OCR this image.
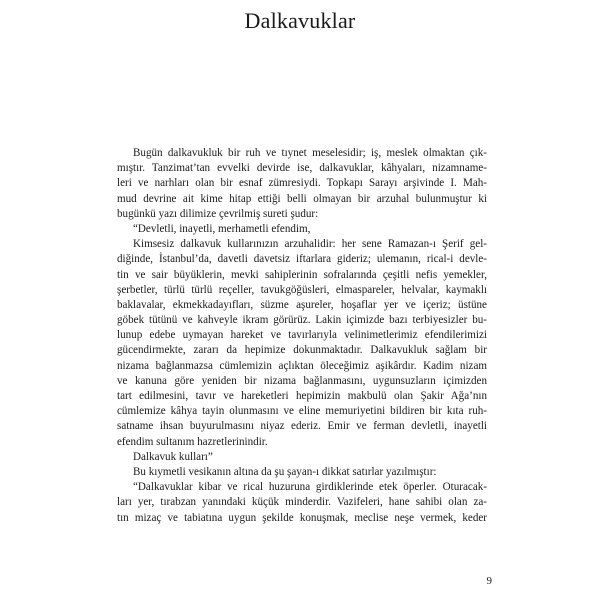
Dalkavuklar
Bugün dalkavukluk bir ruh ve tıynet meselesidir; iş, meslek olmaktan çık-
mıştır. Tanzimat’tan evvelki devirde ise, dalkavuklar, kâhyaları, nizamname-
leri ve narhları olan bir esnaf zümresiydi. Topkapı Sarayı arşivinde I. Mah-
mud devrine ait kime hitap ettiği belli olmayan bir arzuhal bulunmuştur ki
bugünkü yazı dilimize çevrilmiş sureti şudur:
“Devletli, inayetli, merhametli efendim,
Kimsesiz dalkavuk kullarınızın arzuhalidir: her sene Ramazan-ı Şerif gel-
diğinde, İstanbul’da, davetli davetsiz iftarlara gideriz; ulemanın, rical-i devle-
tin ve sair büyüklerin, mevki sahiplerinin sofralarında çeşitli nefis yemekler,
şerbetler, türlü türlü reçeller, tavukgöğüsleri, elmaspareler, helvalar, kaymaklı
baklavalar, ekmekkadayıfları, süzme aşureler, hoşaflar yer ve içeriz; üstüne
göbek tütünü ve kahveyle ikram görürüz. Lakin içimizde bazı terbiyesizler bu-
lunup edebe uymayan hareket ve tavırlarıyla velinimetlerimiz efendilerimizi
gücendirmekte, zararı da hepimize dokunmaktadır. Dalkavukluk sağlam bir
nizama bağlanmazsa cümlemizin açlıktan öleceğimiz aşikârdır. Kadim nizam
ve kanuna göre yeniden bir nizama bağlanmasını, uygunsuzların içimizden
tart edilmesini, tavır ve hareketleri hepimizin makbulü olan Şakir Ağa’nın
cümlemize kâhya tayin olunmasını ve eline memuriyetini bildiren bir kıta ruh-
satname ihsan buyurulmasını niyaz ederiz. Emir ve ferman devletli, inayetli
efendim sultanım hazretlerinindir.
Dalkavuk kulları”
Bu kıymetli vesikanın altına da şu şayan-ı dikkat satırlar yazılmıştır:
“Dalkavuklar kibar ve rical huzuruna girdiklerinde etek öperler. Oturacak-
ları yer, tırabzan yanındaki küçük minderdir. Vazifeleri, hane sahibi olan za-
tın mizaç ve tabiatına uygun şekilde konuşmak, meclise neşe vermek, keder
9
